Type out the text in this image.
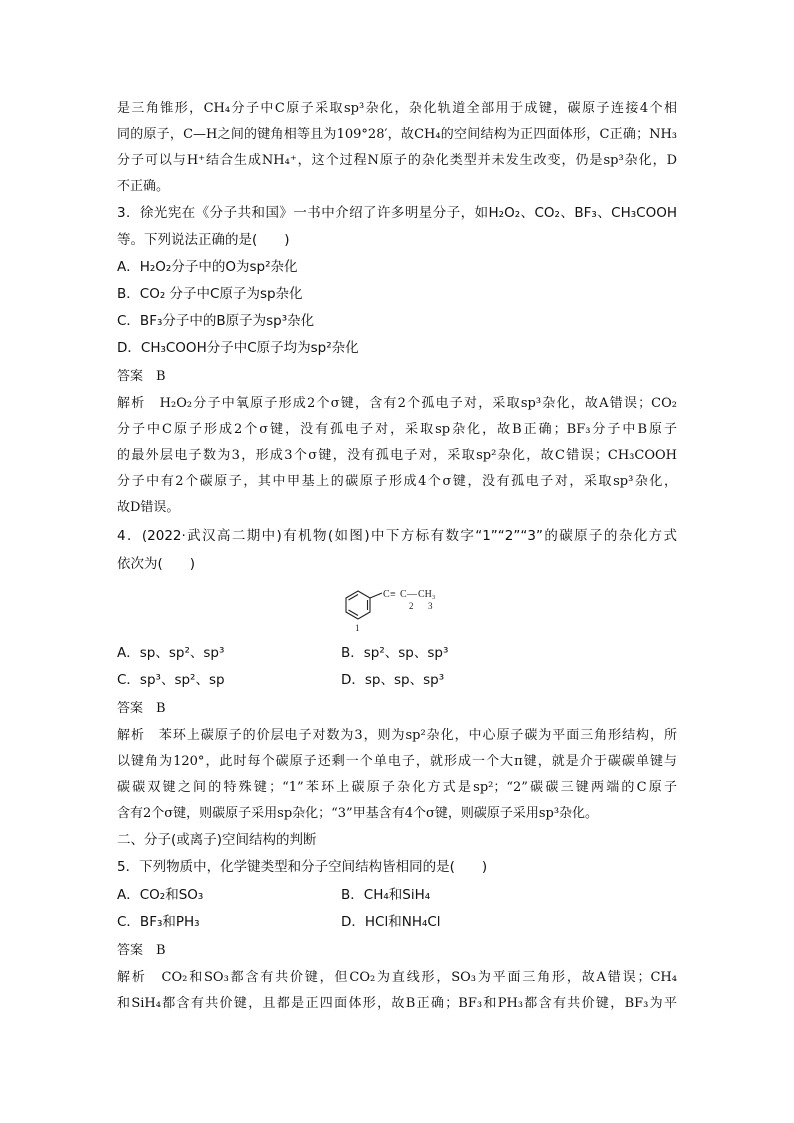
是三角锥形，CH₄分子中C原子采取sp³杂化，杂化轨道全部用于成键，碳原子连接4个相
同的原子，C—H之间的键角相等且为109°28′，故CH₄的空间结构为正四面体形，C正确；NH₃
分子可以与H⁺结合生成NH₄⁺，这个过程N原子的杂化类型并未发生改变，仍是sp³杂化，D
不正确。
3．徐光宪在《分子共和国》一书中介绍了许多明星分子，如H₂O₂、CO₂、BF₃、CH₃COOH
等。下列说法正确的是(　　)
A．H₂O₂分子中的O为sp²杂化
B．CO₂ 分子中C原子为sp杂化
C．BF₃分子中的B原子为sp³杂化
D．CH₃COOH分子中C原子均为sp²杂化
答案　 B
解析　 H₂O₂分子中氧原子形成2个σ键，含有2个孤电子对，采取sp³杂化，故A错误；CO₂
分子中C原子形成2个σ键，没有孤电子对，采取sp杂化，故B正确；BF₃分子中B原子
的最外层电子数为3，形成3个σ键，没有孤电子对，采取sp²杂化，故C错误；CH₃COOH
分子中有2个碳原子，其中甲基上的碳原子形成4个σ键，没有孤电子对，采取sp³杂化，
故D错误。
4．(2022·武汉高二期中)有机物(如图)中下方标有数字“1”“2”“3”的碳原子的杂化方式
依次为(　　)
C ≡ C — CH₃
1
2 3
A．sp、sp²、sp³	B．sp²、sp、sp³
C．sp³、sp²、sp	D．sp、sp、sp³
答案　 B
解析　 苯环上碳原子的价层电子对数为3，则为sp²杂化，中心原子碳为平面三角形结构，所
以键角为120°，此时每个碳原子还剩一个单电子，就形成一个大π键，就是介于碳碳单键与
碳碳双键之间的特殊键；“1”苯环上碳原子杂化方式是sp²；“2”碳碳三键两端的C原子
含有2个σ键，则碳原子采用sp杂化；“3”甲基含有4个σ键，则碳原子采用sp³杂化。
二、分子(或离子)空间结构的判断
5．下列物质中，化学键类型和分子空间结构皆相同的是(　　)
A．CO₂和SO₃	B．CH₄和SiH₄
C．BF₃和PH₃	D．HCl和NH₄Cl
答案　 B
解析　 CO₂和SO₃都含有共价键，但CO₂为直线形，SO₃为平面三角形，故A错误；CH₄
和SiH₄都含有共价键，且都是正四面体形，故B正确；BF₃和PH₃都含有共价键，BF₃为平
